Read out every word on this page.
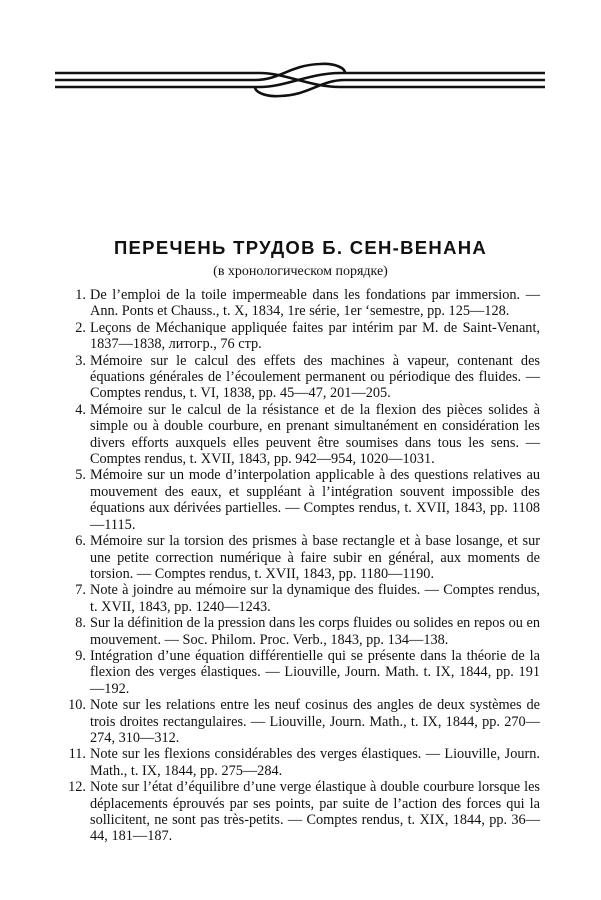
ПЕРЕЧЕНЬ ТРУДОВ Б. СЕН-ВЕНАНА

(в хронологическом порядке)

1. De l’emploi de la toile impermeable dans les fondations par immersion. — Ann. Ponts et Chauss., t. X, 1834, 1re série, 1er ‘semestre, pp. 125—128.
2. Leçons de Méchanique appliquée faites par intérim par M. de Saint-Venant, 1837—1838, литогр., 76 стр.
3. Mémoire sur le calcul des effets des machines à vapeur, contenant des équations générales de l’écoulement permanent ou périodique des fluides. — Comptes rendus, t. VI, 1838, pp. 45—47, 201—205.
4. Mémoire sur le calcul de la résistance et de la flexion des pièces solides à simple ou à double courbure, en prenant simultanément en considération les divers efforts auxquels elles peuvent être soumises dans tous les sens. — Comptes rendus, t. XVII, 1843, pp. 942—954, 1020—1031.
5. Mémoire sur un mode d’interpolation applicable à des questions relatives au mouvement des eaux, et suppléant à l’intégration souvent impossible des équations aux dérivées partielles. — Comptes rendus, t. XVII, 1843, pp. 1108—1115.
6. Mémoire sur la torsion des prismes à base rectangle et à base losange, et sur une petite correction numérique à faire subir en général, aux moments de torsion. — Comptes rendus, t. XVII, 1843, pp. 1180—1190.
7. Note à joindre au mémoire sur la dynamique des fluides. — Comptes rendus, t. XVII, 1843, pp. 1240—1243.
8. Sur la définition de la pression dans les corps fluides ou solides en repos ou en mouvement. — Soc. Philom. Proc. Verb., 1843, pp. 134—138.
9. Intégration d’une équation différentielle qui se présente dans la théorie de la flexion des verges élastiques. — Liouville, Journ. Math. t. IX, 1844, pp. 191—192.
10. Note sur les relations entre les neuf cosinus des angles de deux systèmes de trois droites rectangulaires. — Liouville, Journ. Math., t. IX, 1844, pp. 270—274, 310—312.
11. Note sur les flexions considérables des verges élastiques. — Liouville, Journ. Math., t. IX, 1844, pp. 275—284.
12. Note sur l’état d’équilibre d’une verge élastique à double courbure lorsque les déplacements éprouvés par ses points, par suite de l’action des forces qui la sollicitent, ne sont pas très-petits. — Comptes rendus, t. XIX, 1844, pp. 36—44, 181—187.
